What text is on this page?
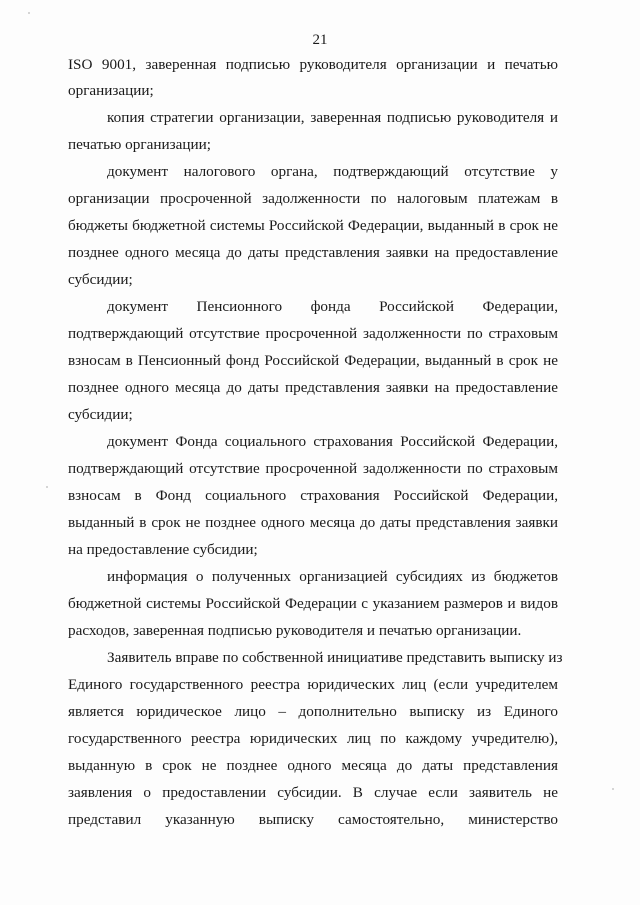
21
ISO 9001, заверенная подписью руководителя организации и печатью
организации;
копия стратегии организации, заверенная подписью руководителя и
печатью организации;
документ налогового органа, подтверждающий отсутствие у
организации просроченной задолженности по налоговым платежам в
бюджеты бюджетной системы Российской Федерации, выданный в срок не
позднее одного месяца до даты представления заявки на предоставление
субсидии;
документ Пенсионного фонда Российской Федерации,
подтверждающий отсутствие просроченной задолженности по страховым
взносам в Пенсионный фонд Российской Федерации, выданный в срок не
позднее одного месяца до даты представления заявки на предоставление
субсидии;
документ Фонда социального страхования Российской Федерации,
подтверждающий отсутствие просроченной задолженности по страховым
взносам в Фонд социального страхования Российской Федерации,
выданный в срок не позднее одного месяца до даты представления заявки
на предоставление субсидии;
информация о полученных организацией субсидиях из бюджетов
бюджетной системы Российской Федерации с указанием размеров и видов
расходов, заверенная подписью руководителя и печатью организации.
Заявитель вправе по собственной инициативе представить выписку из
Единого государственного реестра юридических лиц (если учредителем
является юридическое лицо – дополнительно выписку из Единого
государственного реестра юридических лиц по каждому учредителю),
выданную в срок не позднее одного месяца до даты представления
заявления о предоставлении субсидии. В случае если заявитель не
представил указанную выписку самостоятельно, министерство
